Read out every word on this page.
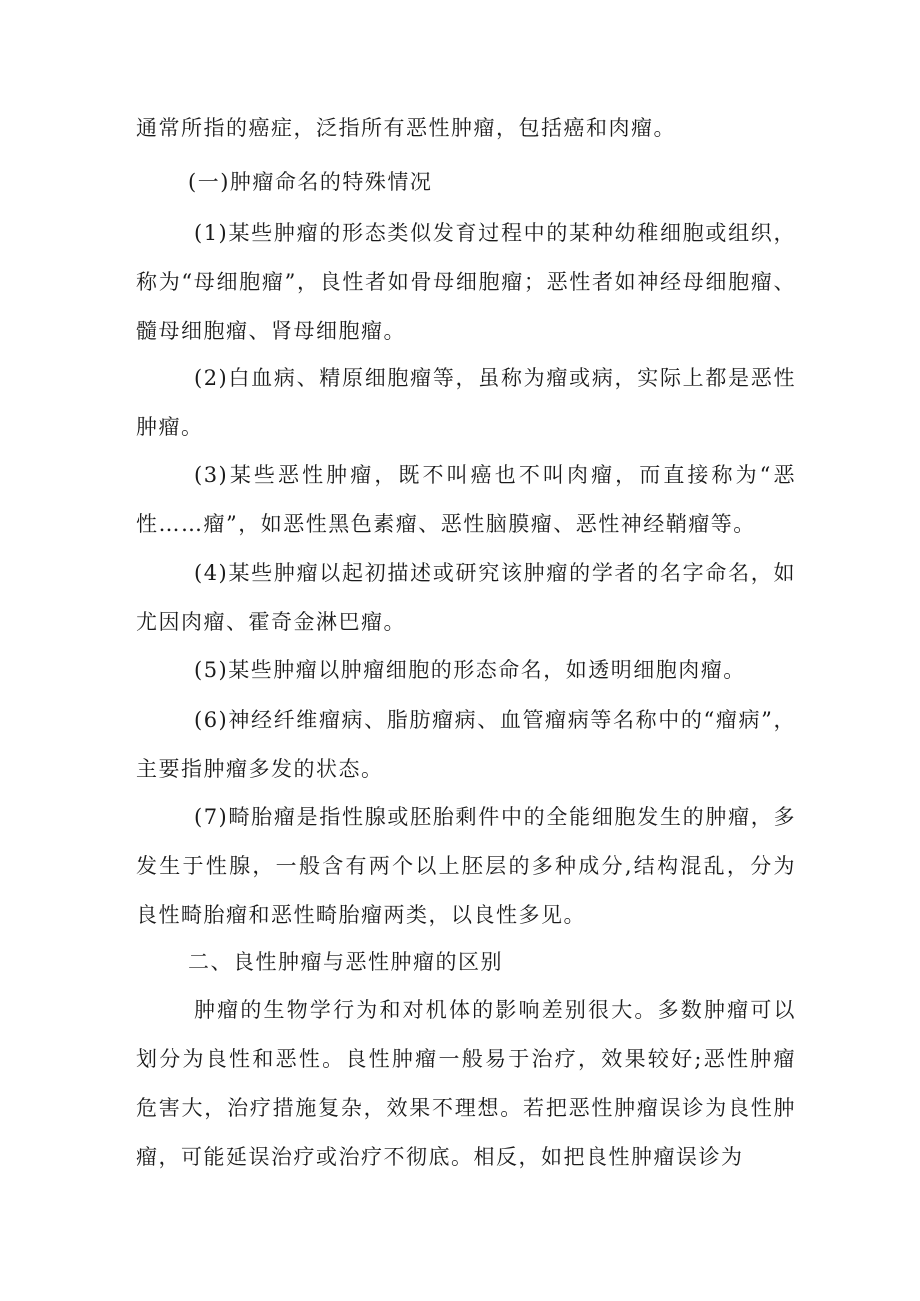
通常所指的癌症，泛指所有恶性肿瘤，包括癌和肉瘤。

(一)肿瘤命名的特殊情况

(1)某些肿瘤的形态类似发育过程中的某种幼稚细胞或组织，称为“母细胞瘤”，良性者如骨母细胞瘤；恶性者如神经母细胞瘤、髓母细胞瘤、肾母细胞瘤。

(2)白血病、精原细胞瘤等，虽称为瘤或病，实际上都是恶性肿瘤。

(3)某些恶性肿瘤，既不叫癌也不叫肉瘤，而直接称为“恶性……瘤”，如恶性黑色素瘤、恶性脑膜瘤、恶性神经鞘瘤等。

(4)某些肿瘤以起初描述或研究该肿瘤的学者的名字命名，如尤因肉瘤、霍奇金淋巴瘤。

(5)某些肿瘤以肿瘤细胞的形态命名，如透明细胞肉瘤。

(6)神经纤维瘤病、脂肪瘤病、血管瘤病等名称中的“瘤病”，主要指肿瘤多发的状态。

(7)畸胎瘤是指性腺或胚胎剩件中的全能细胞发生的肿瘤，多发生于性腺，一般含有两个以上胚层的多种成分,结构混乱，分为良性畸胎瘤和恶性畸胎瘤两类，以良性多见。

二、良性肿瘤与恶性肿瘤的区别

肿瘤的生物学行为和对机体的影响差别很大。多数肿瘤可以划分为良性和恶性。良性肿瘤一般易于治疗，效果较好;恶性肿瘤危害大，治疗措施复杂，效果不理想。若把恶性肿瘤误诊为良性肿瘤，可能延误治疗或治疗不彻底。相反，如把良性肿瘤误诊为
